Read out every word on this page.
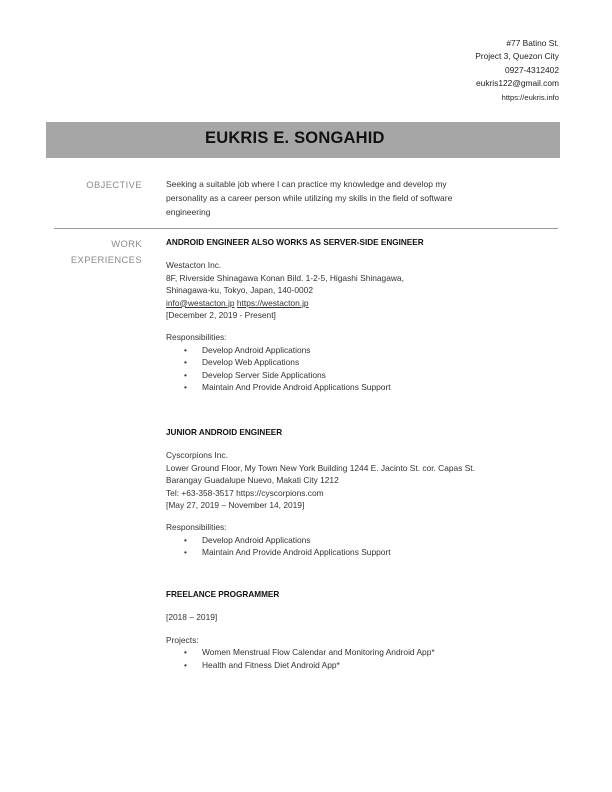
#77 Batino St.
Project 3, Quezon City
0927-4312402
eukris122@gmail.com
https://eukris.info
EUKRIS E. SONGAHID
OBJECTIVE	Seeking a suitable job where I can practice my knowledge and develop my personality as a career person while utilizing my skills in the field of software engineering
WORK
EXPERIENCES
ANDROID ENGINEER ALSO WORKS AS SERVER-SIDE ENGINEER
Westacton Inc.
8F, Riverside Shinagawa Konan Bild. 1-2-5, Higashi Shinagawa,
Shinagawa-ku, Tokyo, Japan, 140-0002
info@westacton.jp https://westacton.jp
[December 2, 2019 - Present]
Responsibilities:
• Develop Android Applications
• Develop Web Applications
• Develop Server Side Applications
• Maintain And Provide Android Applications Support
JUNIOR ANDROID ENGINEER
Cyscorpions Inc.
Lower Ground Floor, My Town New York Building 1244 E. Jacinto St. cor. Capas St.
Barangay Guadalupe Nuevo, Makati City 1212
Tel: +63-358-3517 https://cyscorpions.com
[May 27, 2019 – November 14, 2019]
Responsibilities:
• Develop Android Applications
• Maintain And Provide Android Applications Support
FREELANCE PROGRAMMER
[2018 – 2019]
Projects:
• Women Menstrual Flow Calendar and Monitoring Android App*
• Health and Fitness Diet Android App*
